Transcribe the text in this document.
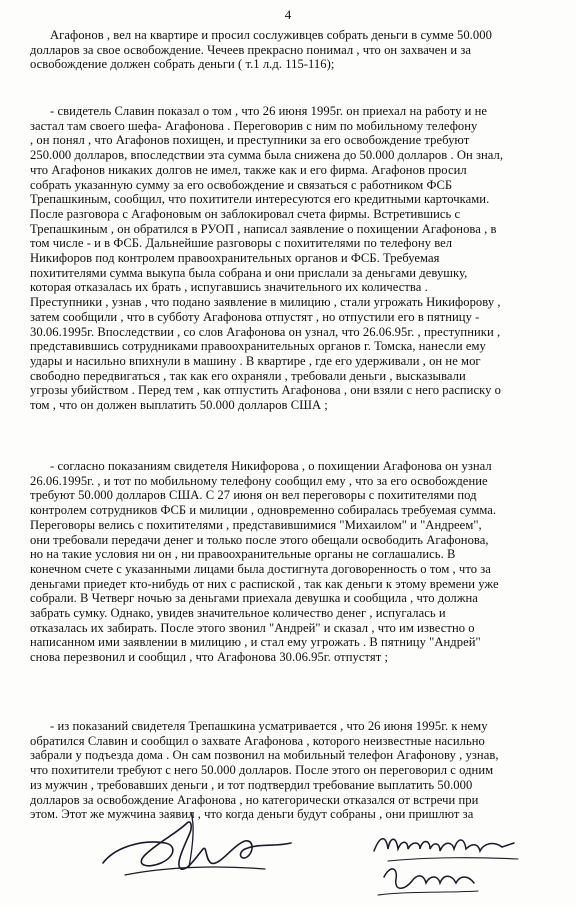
4

Агафонов , вел на квартире и просил сослуживцев собрать деньги в сумме 50.000

долларов за свое освобождение. Чечеев прекрасно понимал , что он захвачен и за

освобождение должен собрать деньги ( т.1 л.д. 115-116);

- свидетель Славин показал о том , что 26 июня 1995г. он приехал на работу и не

застал там своего шефа- Агафонова . Переговорив с ним по мобильному телефону

, он понял , что Агафонов похищен, и преступники за его освобождение требуют

250.000 долларов, впоследствии эта сумма была снижена до 50.000 долларов . Он знал,

что Агафонов никаких долгов не имел, также как и его фирма. Агафонов просил

собрать указанную сумму за его освобождение и связаться с работником ФСБ

Трепашкиным, сообщил, что похитители интересуются его кредитными карточками.

После разговора с Агафоновым он заблокировал счета фирмы. Встретившись с

Трепашкиным , он обратился в РУОП , написал заявление о похищении Агафонова , в

том числе - и в ФСБ. Дальнейшие разговоры с похитителями по телефону вел

Никифоров под контролем правоохранительных органов и ФСБ. Требуемая

похитителями сумма выкупа была собрана и они прислали за деньгами девушку,

которая отказалась их брать , испугавшись значительного их количества .

Преступники , узнав , что подано заявление в милицию , стали угрожать Никифорову ,

затем сообщили , что в субботу Агафонова отпустят , но отпустили его в пятницу -

30.06.1995г. Впоследствии , со слов Агафонова он узнал, что 26.06.95г. , преступники ,

представившись сотрудниками правоохранительных органов г. Томска, нанесли ему

удары и насильно впихнули в машину . В квартире , где его удерживали , он не мог

свободно передвигаться , так как его охраняли , требовали деньги , высказывали

угрозы убийством . Перед тем , как отпустить Агафонова , они взяли с него расписку о

том , что он должен выплатить 50.000 долларов США ;

- согласно показаниям свидетеля Никифорова , о похищении Агафонова он узнал

26.06.1995г. , и тот по мобильному телефону сообщил ему , что за его освобождение

требуют 50.000 долларов США. С 27 июня он вел переговоры с похитителями под

контролем сотрудников ФСБ и милиции , одновременно собиралась требуемая сумма.

Переговоры велись с похитителями , представившимися "Михаилом" и "Андреем",

они требовали передачи денег и только после этого обещали освободить Агафонова,

но на такие условия ни он , ни правоохранительные органы не соглашались. В

конечном счете с указанными лицами была достигнута договоренность о том , что за

деньгами приедет кто-нибудь от них с распиской , так как деньги к этому времени уже

собрали. В Четверг ночью за деньгами приехала девушка и сообщила , что должна

забрать сумку. Однако, увидев значительное количество денег , испугалась и

отказалась их забирать. После этого звонил "Андрей" и сказал , что им известно о

написанном ими заявлении в милицию , и стал ему угрожать . В пятницу "Андрей"

снова перезвонил и сообщил , что Агафонова 30.06.95г. отпустят ;

- из показаний свидетеля Трепашкина усматривается , что 26 июня 1995г. к нему

обратился Славин и сообщил о захвате Агафонова , которого неизвестные насильно

забрали у подъезда дома . Он сам позвонил на мобильный телефон Агафонову , узнав,

что похитители требуют с него 50.000 долларов. После этого он переговорил с одним

из мужчин , требовавших деньги , и тот подтвердил требование выплатить 50.000

долларов за освобождение Агафонова , но категорически отказался от встречи при

этом. Этот же мужчина заявил , что когда деньги будут собраны , они пришлют за
